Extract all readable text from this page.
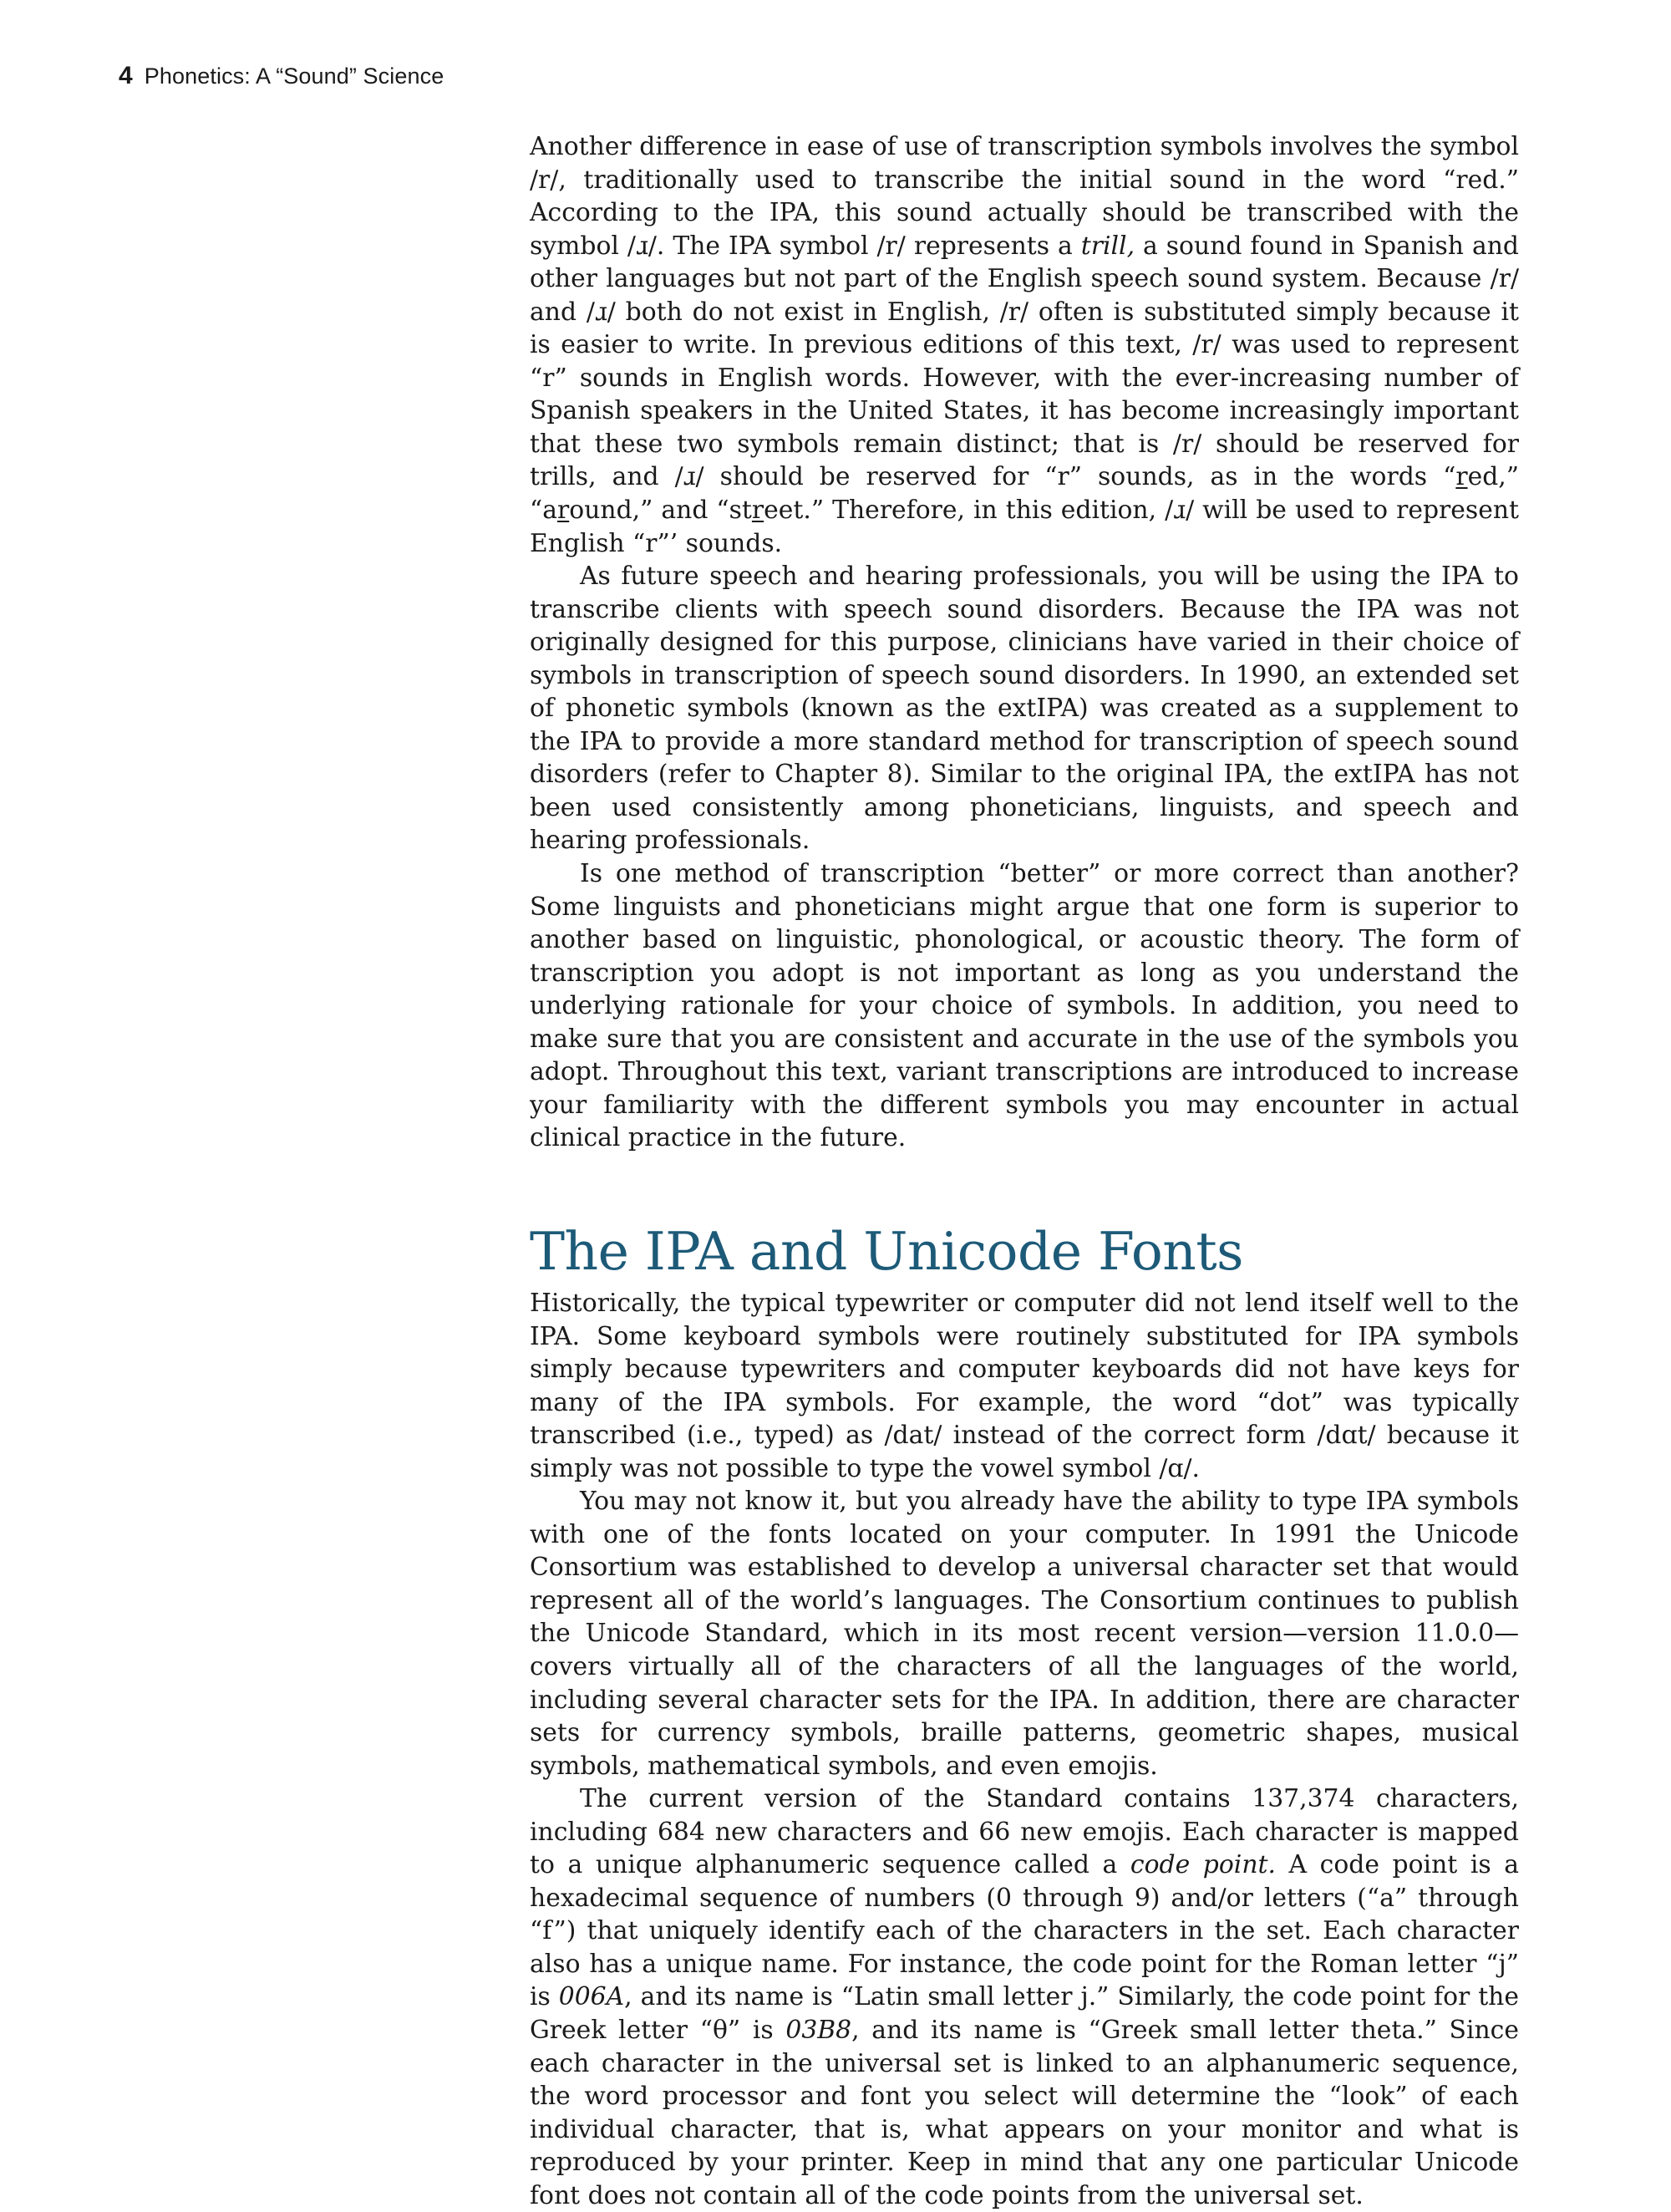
4 Phonetics: A “Sound” Science

Another difference in ease of use of transcription symbols involves the symbol /r/, traditionally used to transcribe the initial sound in the word “red.” According to the IPA, this sound actually should be transcribed with the symbol /ɹ/. The IPA symbol /r/ represents a trill, a sound found in Spanish and other languages but not part of the English speech sound system. Because /r/ and /ɹ/ both do not exist in English, /r/ often is substituted simply because it is easier to write. In previous editions of this text, /r/ was used to represent “r” sounds in English words. However, with the ever-increasing number of Spanish speakers in the United States, it has become increasingly important that these two symbols remain distinct; that is /r/ should be reserved for trills, and /ɹ/ should be reserved for “r” sounds, as in the words “red,” “around,” and “street.” Therefore, in this edition, /ɹ/ will be used to represent English “r”’ sounds.

As future speech and hearing professionals, you will be using the IPA to transcribe clients with speech sound disorders. Because the IPA was not originally designed for this purpose, clinicians have varied in their choice of symbols in transcription of speech sound disorders. In 1990, an extended set of phonetic symbols (known as the extIPA) was created as a supplement to the IPA to provide a more standard method for transcription of speech sound disorders (refer to Chapter 8). Similar to the original IPA, the extIPA has not been used consistently among phoneticians, linguists, and speech and hearing professionals.

Is one method of transcription “better” or more correct than another? Some linguists and phoneticians might argue that one form is superior to another based on linguistic, phonological, or acoustic theory. The form of transcription you adopt is not important as long as you understand the underlying rationale for your choice of symbols. In addition, you need to make sure that you are consistent and accurate in the use of the symbols you adopt. Throughout this text, variant transcriptions are introduced to increase your familiarity with the different symbols you may encounter in actual clinical practice in the future.

The IPA and Unicode Fonts

Historically, the typical typewriter or computer did not lend itself well to the IPA. Some keyboard symbols were routinely substituted for IPA symbols simply because typewriters and computer keyboards did not have keys for many of the IPA symbols. For example, the word “dot” was typically transcribed (i.e., typed) as /dat/ instead of the correct form /dɑt/ because it simply was not possible to type the vowel symbol /ɑ/.

You may not know it, but you already have the ability to type IPA symbols with one of the fonts located on your computer. In 1991 the Unicode Consortium was established to develop a universal character set that would represent all of the world’s languages. The Consortium continues to publish the Unicode Standard, which in its most recent version—version 11.0.0—covers virtually all of the characters of all the languages of the world, including several character sets for the IPA. In addition, there are character sets for currency symbols, braille patterns, geometric shapes, musical symbols, mathematical symbols, and even emojis.

The current version of the Standard contains 137,374 characters, including 684 new characters and 66 new emojis. Each character is mapped to a unique alphanumeric sequence called a code point. A code point is a hexadecimal sequence of numbers (0 through 9) and/or letters (“a” through “f”) that uniquely identify each of the characters in the set. Each character also has a unique name. For instance, the code point for the Roman letter “j” is 006A, and its name is “Latin small letter j.” Similarly, the code point for the Greek letter “θ” is 03B8, and its name is “Greek small letter theta.” Since each character in the universal set is linked to an alphanumeric sequence, the word processor and font you select will determine the “look” of each individual character, that is, what appears on your monitor and what is reproduced by your printer. Keep in mind that any one particular Unicode font does not contain all of the code points from the universal set.
